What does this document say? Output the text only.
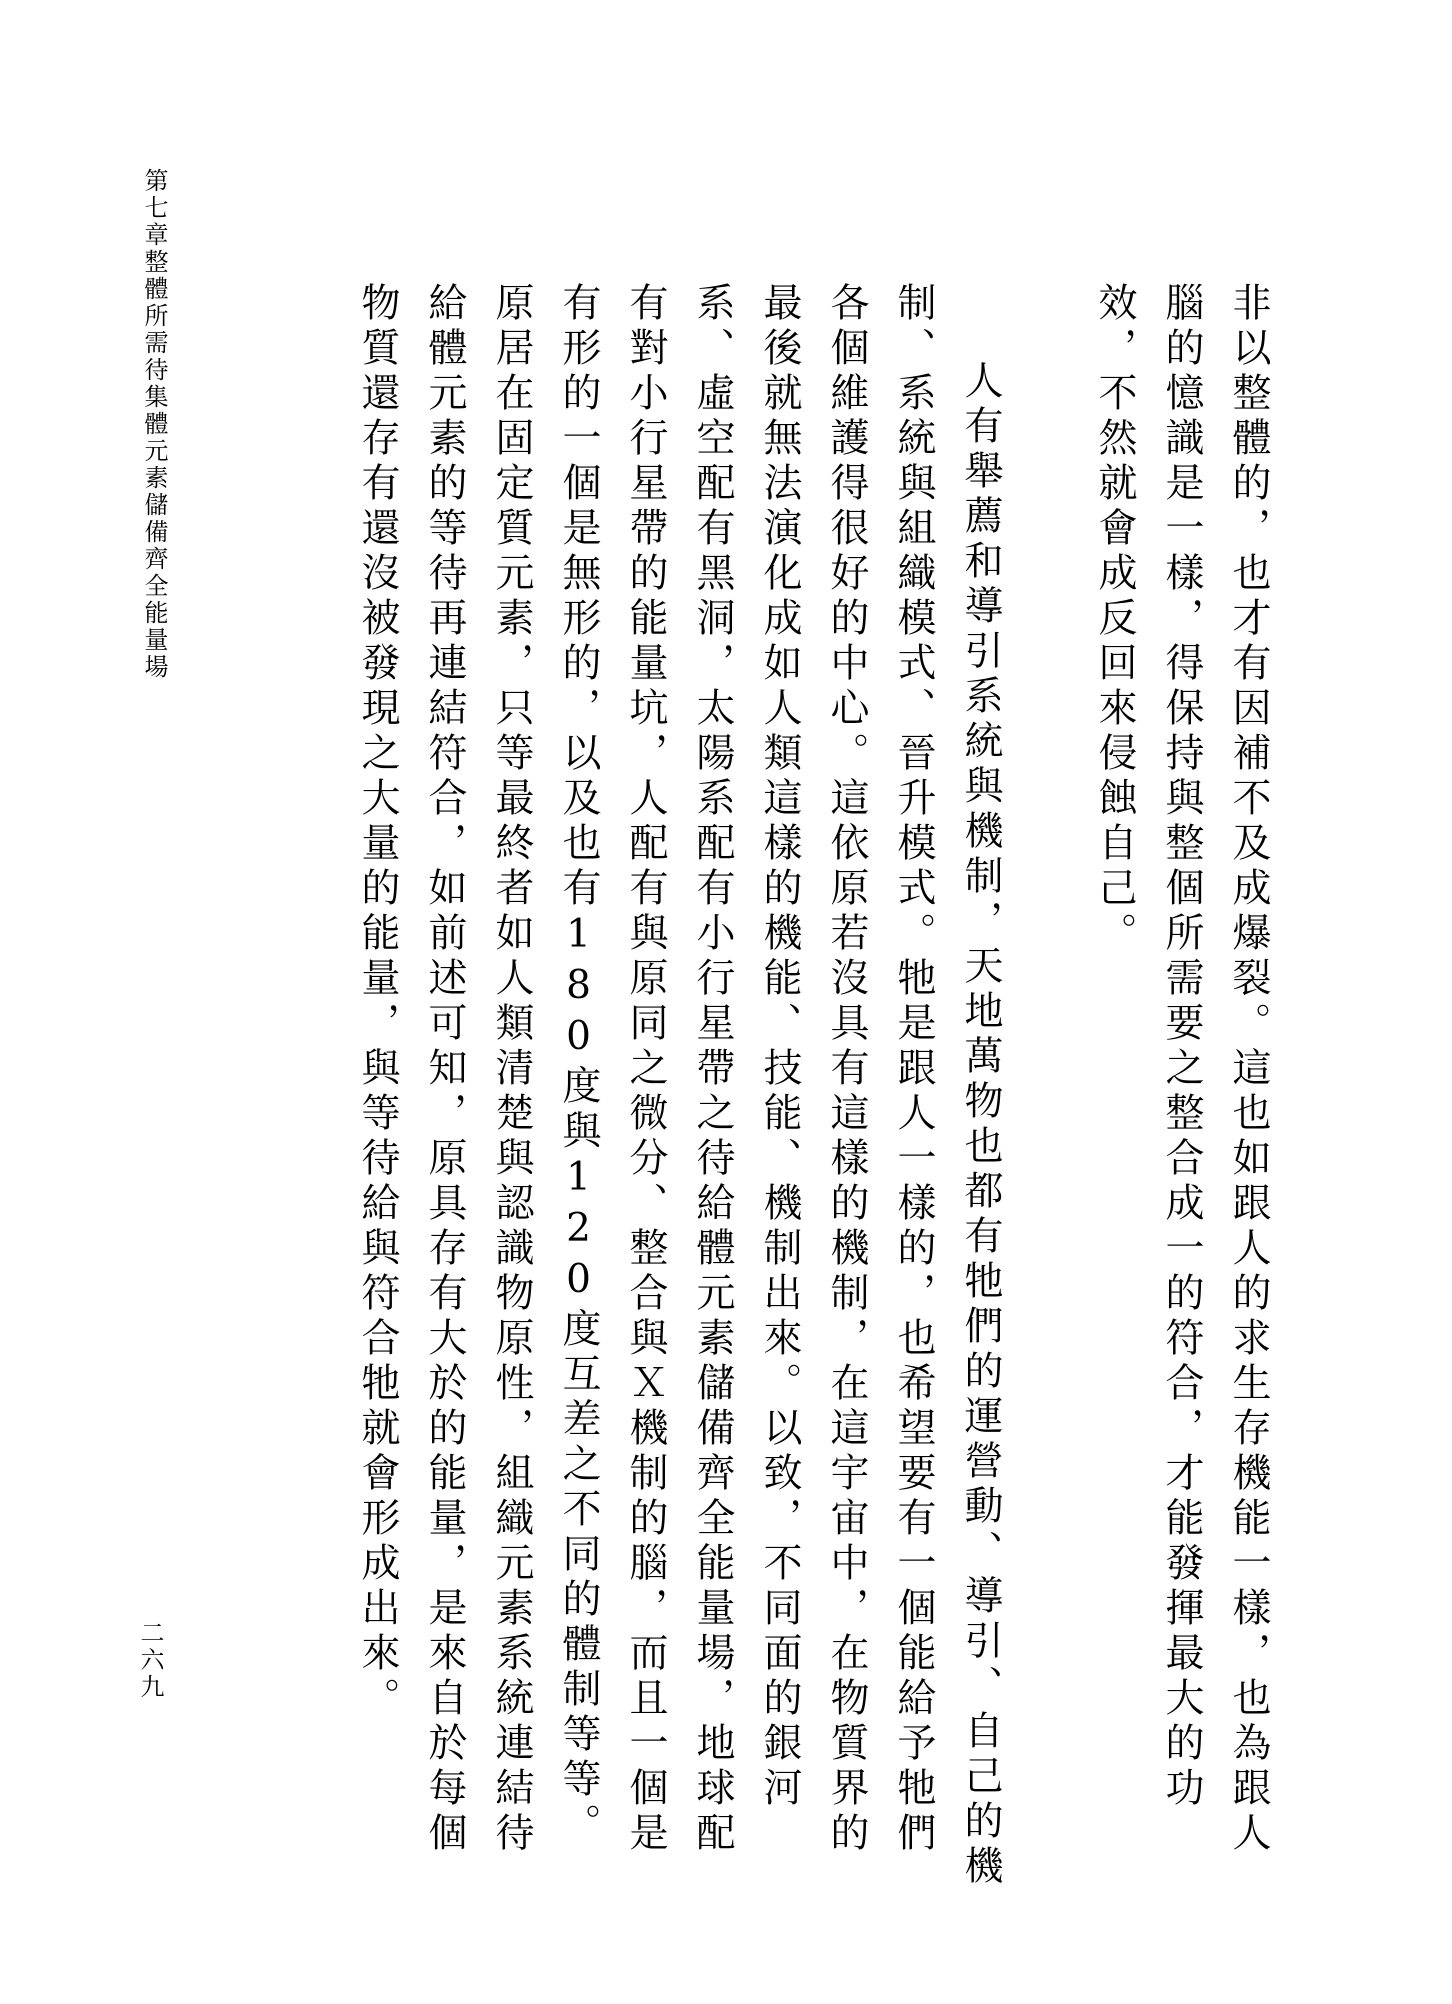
非以整體的，也才有因補不及成爆裂。這也如跟人的求生存機能一樣，也為跟人腦的憶識是一樣，得保持與整個所需要之整合成一的符合，才能發揮最大的功效，不然就會成反回來侵蝕自己。

人有舉薦和導引系統與機制，天地萬物也都有牠們的運營動、導引、自己的機制、系統與組織模式、晉升模式。牠是跟人一樣的，也希望要有一個能給予牠們各個維護得很好的中心。這依原若沒具有這樣的機制，在這宇宙中，在物質界的最後就無法演化成如人類這樣的機能、技能、機制出來。以致，不同面的銀河系、虛空配有黑洞，太陽系配有小行星帶之待給體元素儲備齊全能量場，地球配有對小行星帶的能量坑，人配有與原同之微分、整合與Ｘ機制的腦，而且一個是有形的一個是無形的，以及也有180度與120度互差之不同的體制等等。原居在固定質元素，只等最終者如人類清楚與認識物原性，組織元素系統連結待給體元素的等待再連結符合，如前述可知，原具存有大於的能量，是來自於每個物質還存有還沒被發現之大量的能量，與等待給與符合牠就會形成出來。

第七章整體所需待集體元素儲備齊全能量場
二六九
